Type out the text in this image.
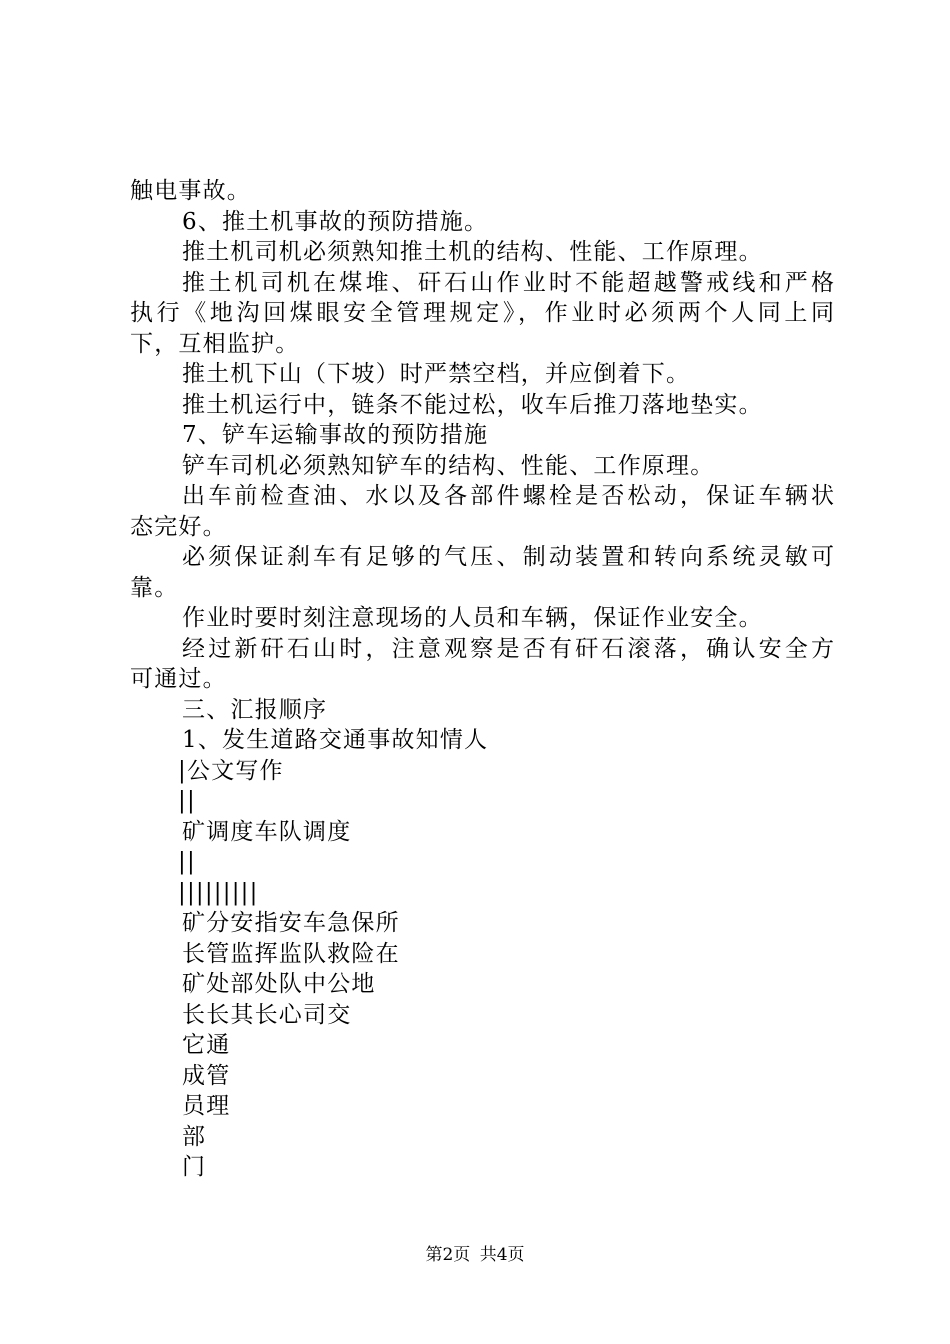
触电事故。
6、推土机事故的预防措施。
推土机司机必须熟知推土机的结构、性能、工作原理。
推土机司机在煤堆、矸石山作业时不能超越警戒线和严格
执行《地沟回煤眼安全管理规定》，作业时必须两个人同上同
下，互相监护。
推土机下山（下坡）时严禁空档，并应倒着下。
推土机运行中，链条不能过松，收车后推刀落地垫实。
7、铲车运输事故的预防措施
铲车司机必须熟知铲车的结构、性能、工作原理。
出车前检查油、水以及各部件螺栓是否松动，保证车辆状
态完好。
必须保证刹车有足够的气压、制动装置和转向系统灵敏可
靠。
作业时要时刻注意现场的人员和车辆，保证作业安全。
经过新矸石山时，注意观察是否有矸石滚落，确认安全方
可通过。
三、汇报顺序
1、发生道路交通事故知情人
|公文写作
||
矿调度车队调度
||
|||||||||
矿分安指安车急保所
长管监挥监队救险在
矿处部处队中公地
长长其长心司交
它通
成管
员理
部
门
第2页 共4页
